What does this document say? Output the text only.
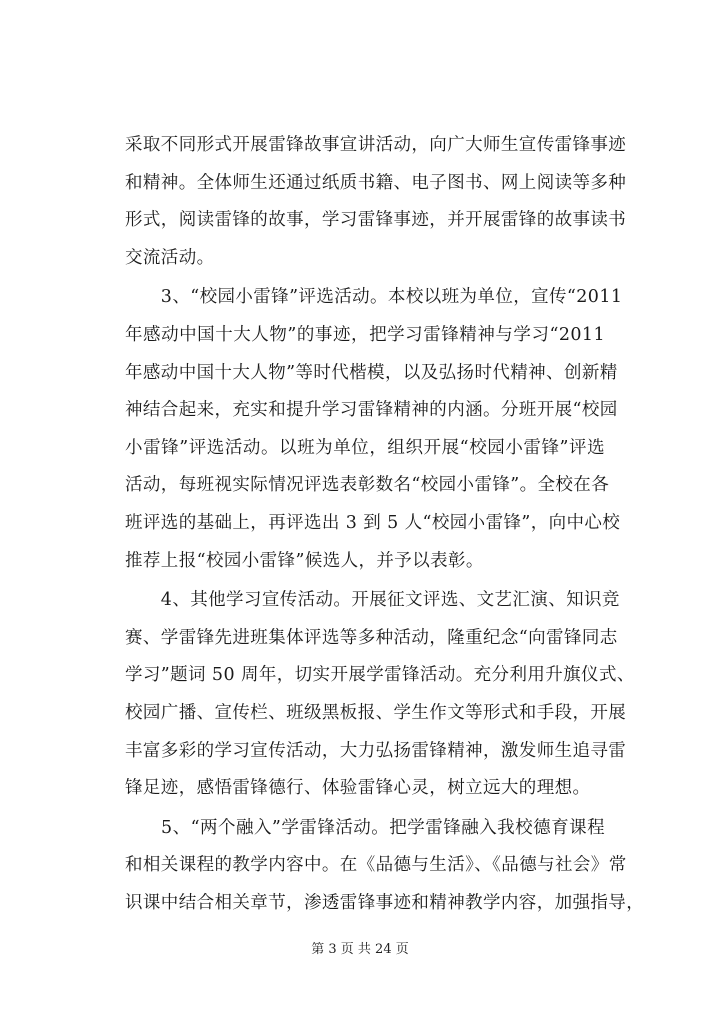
采取不同形式开展雷锋故事宣讲活动，向广大师生宣传雷锋事迹
和精神。全体师生还通过纸质书籍、电子图书、网上阅读等多种
形式，阅读雷锋的故事，学习雷锋事迹，并开展雷锋的故事读书
交流活动。

　　3、“校园小雷锋”评选活动。本校以班为单位，宣传“2011
年感动中国十大人物”的事迹，把学习雷锋精神与学习“2011
年感动中国十大人物”等时代楷模，以及弘扬时代精神、创新精
神结合起来，充实和提升学习雷锋精神的内涵。分班开展“校园
小雷锋”评选活动。以班为单位，组织开展“校园小雷锋”评选
活动，每班视实际情况评选表彰数名“校园小雷锋”。全校在各
班评选的基础上，再评选出 3 到 5 人“校园小雷锋”，向中心校
推荐上报“校园小雷锋”候选人，并予以表彰。

　　4、其他学习宣传活动。开展征文评选、文艺汇演、知识竞
赛、学雷锋先进班集体评选等多种活动，隆重纪念“向雷锋同志
学习”题词 50 周年，切实开展学雷锋活动。充分利用升旗仪式、
校园广播、宣传栏、班级黑板报、学生作文等形式和手段，开展
丰富多彩的学习宣传活动，大力弘扬雷锋精神，激发师生追寻雷
锋足迹，感悟雷锋德行、体验雷锋心灵，树立远大的理想。

　　5、“两个融入”学雷锋活动。把学雷锋融入我校德育课程
和相关课程的教学内容中。在《品德与生活》、《品德与社会》常
识课中结合相关章节，渗透雷锋事迹和精神教学内容，加强指导，

第 3 页 共 24 页
